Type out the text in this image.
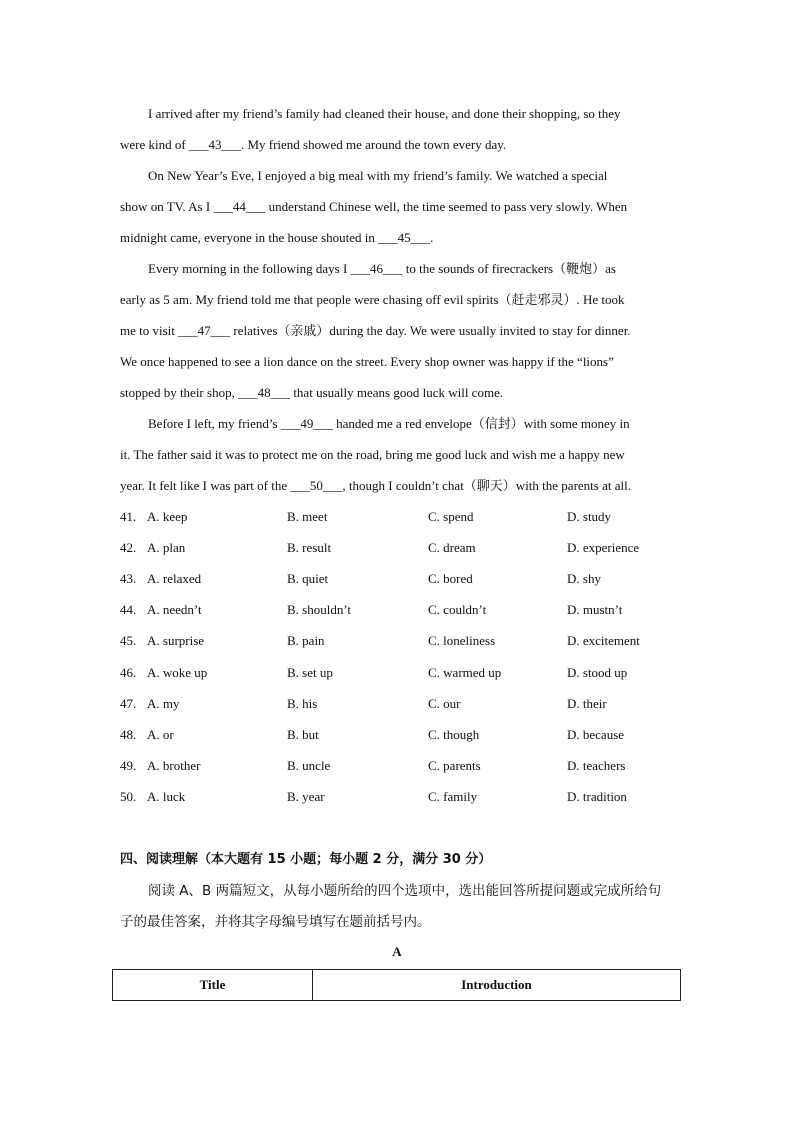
I arrived after my friend’s family had cleaned their house, and done their shopping, so they

were kind of ___43___. My friend showed me around the town every day.

On New Year’s Eve, I enjoyed a big meal with my friend’s family. We watched a special

show on TV. As I ___44___ understand Chinese well, the time seemed to pass very slowly. When
midnight came, everyone in the house shouted in ___45___.

Every morning in the following days I ___46___ to the sounds of firecrackers（鞭炮）as

early as 5 am. My friend told me that people were chasing off evil spirits（赶走邪灵）. He took
me to visit ___47___ relatives（亲戚）during the day. We were usually invited to stay for dinner.
We once happened to see a lion dance on the street. Every shop owner was happy if the “lions”
stopped by their shop, ___48___ that usually means good luck will come.

Before I left, my friend’s ___49___ handed me a red envelope（信封）with some money in

it. The father said it was to protect me on the road, bring me good luck and wish me a happy new
year. It felt like I was part of the ___50___, though I couldn’t chat（聊天）with the parents at all.

41. A. keep	B. meet	C. spend	D. study
42. A. plan	B. result	C. dream	D. experience
43. A. relaxed	B. quiet	C. bored	D. shy
44. A. needn’t	B. shouldn’t	C. couldn’t	D. mustn’t
45. A. surprise	B. pain	C. loneliness	D. excitement
46. A. woke up	B. set up	C. warmed up	D. stood up
47. A. my	B. his	C. our	D. their
48. A. or	B. but	C. though	D. because
49. A. brother	B. uncle	C. parents	D. teachers
50. A. luck	B. year	C. family	D. tradition
四、阅读理解（本大题有 15 小题；每小题 2 分，满分 30 分）
阅读 A、B 两篇短文，从每小题所给的四个选项中，选出能回答所提问题或完成所给句
子的最佳答案，并将其字母编号填写在题前括号内。
A
Title	Introduction
